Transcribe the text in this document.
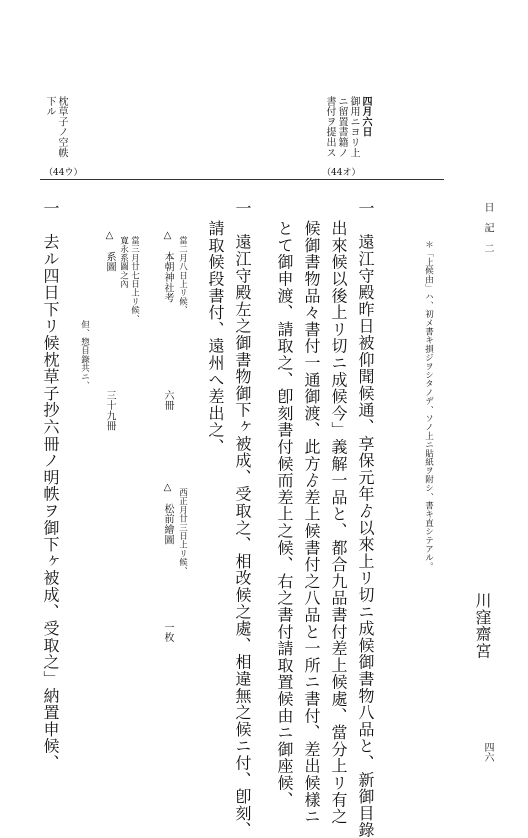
日　記　二
＊「上候由」ハ、初メ書キ損ジヲシタノデ、ソノ上ニ貼紙ヲ附シ、書キ直シテアル。
川窪齋宮
四六
四月六日
御用ニヨリ上
ニ留置書籍ノ
書付ヲ提出ス
枕草子ノ空帙
下ル
（44オ）
（44ウ）
一　遠江守殿昨日被仰聞候通、享保元年ゟ以來上リ切ニ成候御書物八品と、新御目錄
出來候以後上リ切ニ成候今」義解一品と、都合九品書付差上候處、當分上リ有之
候御書物品々書付一通御渡、此方ゟ差上候書付之八品と一所ニ書付、差出候樣ニ
とて御申渡、請取之、卽刻書付候而差上之候、右之書付請取置候由ニ御座候、
一　遠江守殿左之御書物御下ヶ被成、受取之、相改候之處、相違無之候ニ付、卽刻、
請取候段書付、遠州へ差出之、
當二月八日上リ候、
△　本朝神社考
六冊
西正月廿三日上リ候、
△　松前繪圖
一枚
當三月廿七日上リ候、
寛永系圖之內
△　系圖
三十九冊
但、惣目錄共ニ、
一　去ル四日下リ候枕草子抄六冊ノ明帙ヲ御下ヶ被成、受取之」納置申候、
